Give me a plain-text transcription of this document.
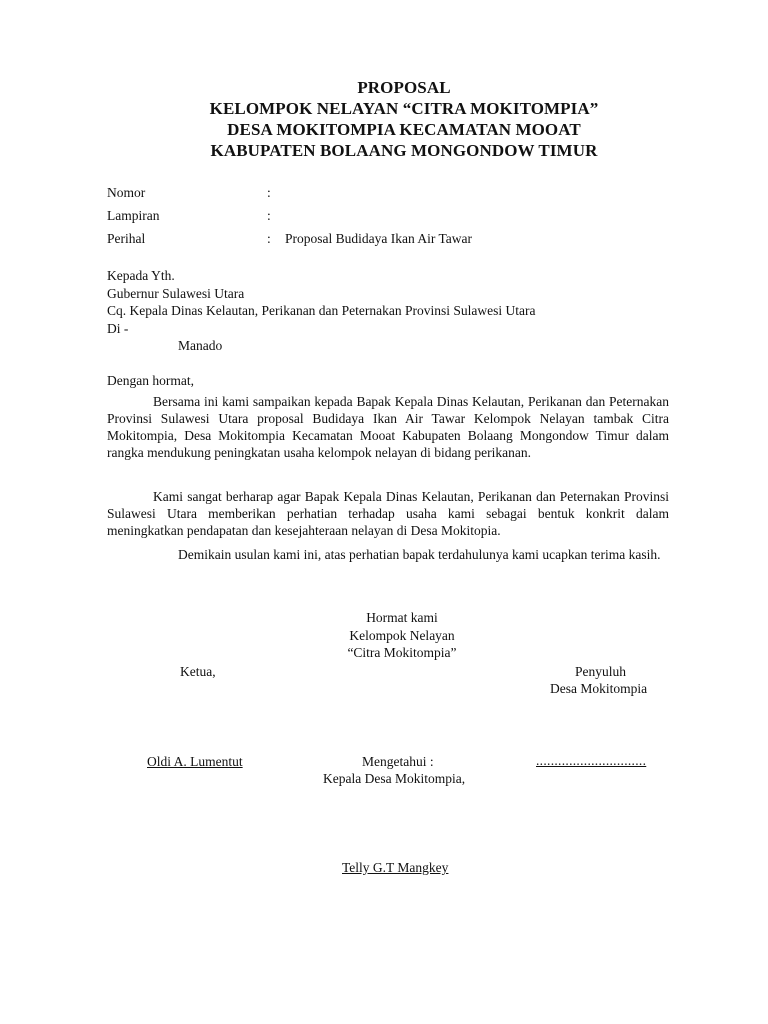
PROPOSAL
KELOMPOK NELAYAN “CITRA MOKITOMPIA”
DESA MOKITOMPIA KECAMATAN MOOAT
KABUPATEN BOLAANG MONGONDOW TIMUR
Nomor	:
Lampiran	:
Perihal	: Proposal Budidaya Ikan Air Tawar
Kepada Yth.
Gubernur Sulawesi Utara
Cq. Kepala Dinas Kelautan, Perikanan dan Peternakan Provinsi Sulawesi Utara
Di -
Manado
Dengan hormat,
Bersama ini kami sampaikan kepada Bapak Kepala Dinas Kelautan, Perikanan dan Peternakan Provinsi Sulawesi Utara proposal Budidaya Ikan Air Tawar Kelompok Nelayan tambak Citra Mokitompia, Desa Mokitompia Kecamatan Mooat Kabupaten Bolaang Mongondow Timur dalam rangka mendukung peningkatan usaha kelompok nelayan di bidang perikanan.
Kami sangat berharap agar Bapak Kepala Dinas Kelautan, Perikanan dan Peternakan Provinsi Sulawesi Utara memberikan perhatian terhadap usaha kami sebagai bentuk konkrit dalam meningkatkan pendapatan dan kesejahteraan nelayan di Desa Mokitopia.
Demikain usulan kami ini, atas perhatian bapak terdahulunya kami ucapkan terima kasih.
Hormat kami
Kelompok Nelayan
“Citra Mokitompia”
Ketua,	Penyuluh
Desa Mokitompia
Oldi A. Lumentut	Mengetahui :
Kepala Desa Mokitompia,
..............................
Telly G.T Mangkey
